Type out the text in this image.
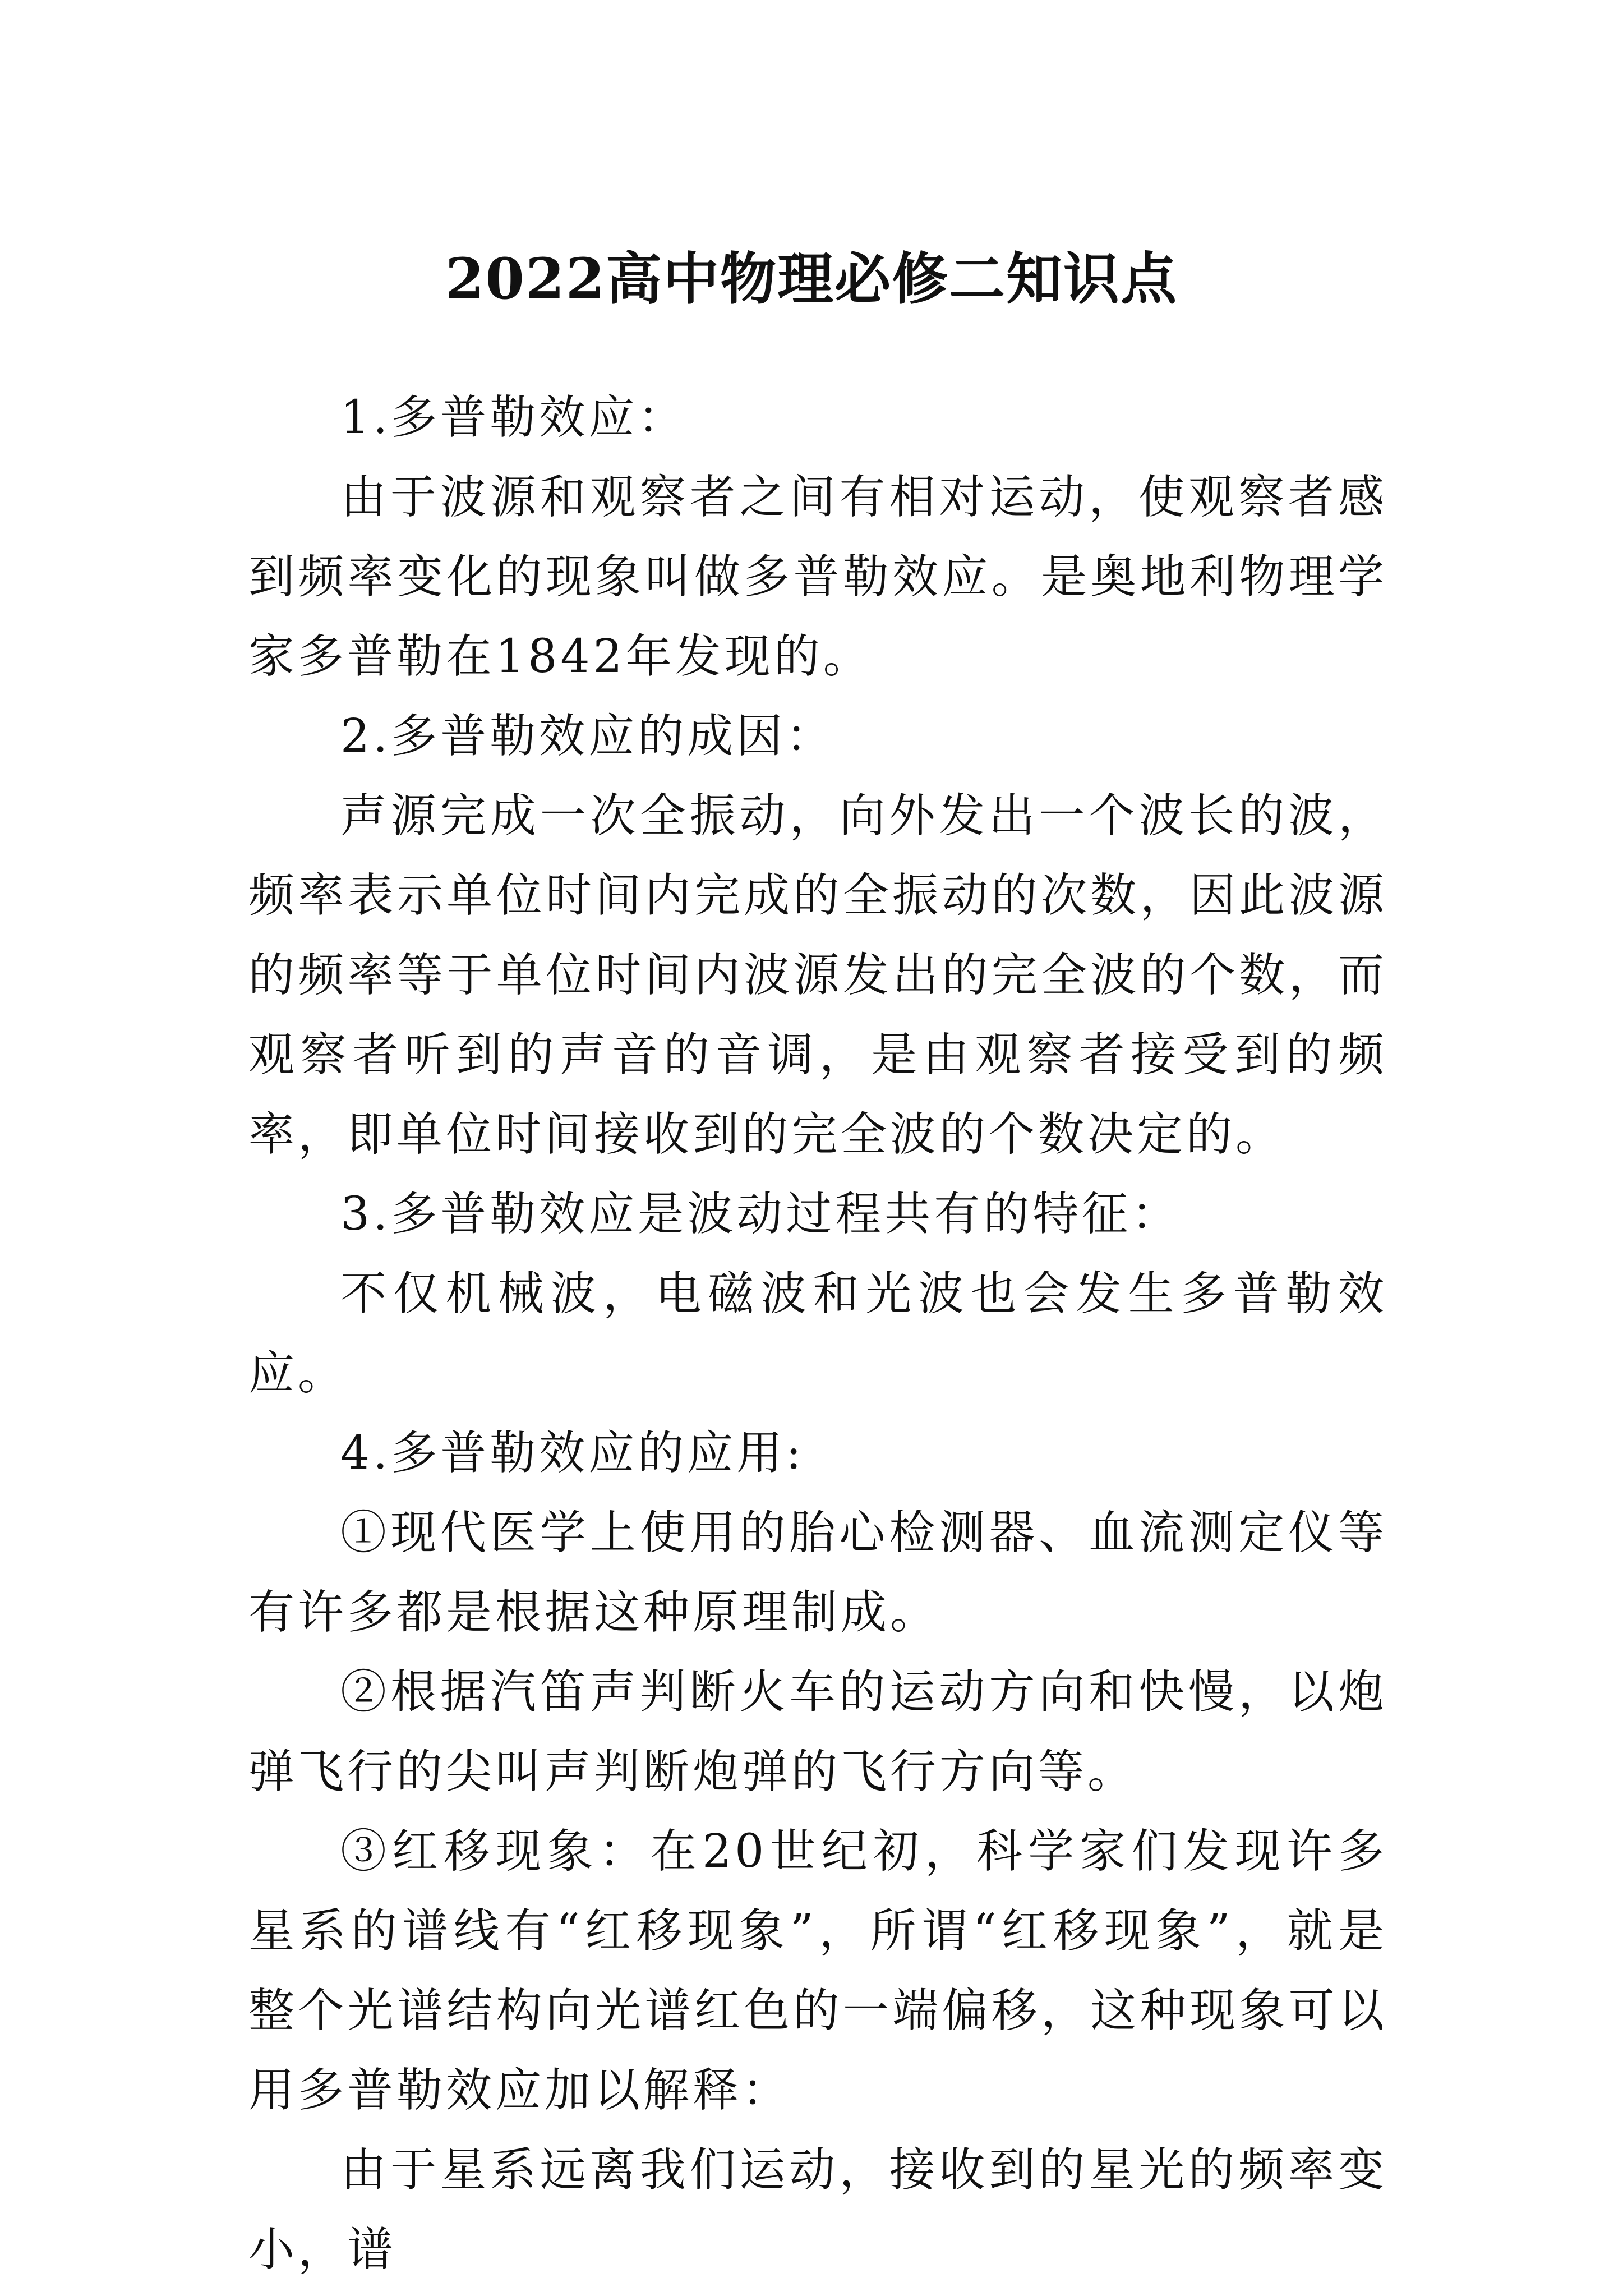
2022高中物理必修二知识点

1.多普勒效应：

由于波源和观察者之间有相对运动，使观察者感到频率变化的现象叫做多普勒效应。是奥地利物理学家多普勒在1842年发现的。

2.多普勒效应的成因：

声源完成一次全振动，向外发出一个波长的波，频率表示单位时间内完成的全振动的次数，因此波源的频率等于单位时间内波源发出的完全波的个数，而观察者听到的声音的音调，是由观察者接受到的频率，即单位时间接收到的完全波的个数决定的。

3.多普勒效应是波动过程共有的特征：

不仅机械波，电磁波和光波也会发生多普勒效应。

4.多普勒效应的应用:

①现代医学上使用的胎心检测器、血流测定仪等有许多都是根据这种原理制成。

②根据汽笛声判断火车的运动方向和快慢，以炮弹飞行的尖叫声判断炮弹的飞行方向等。

③红移现象：在20世纪初，科学家们发现许多星系的谱线有“红移现象”，所谓“红移现象”，就是整个光谱结构向光谱红色的一端偏移，这种现象可以用多普勒效应加以解释：

由于星系远离我们运动，接收到的星光的频率变小，谱
